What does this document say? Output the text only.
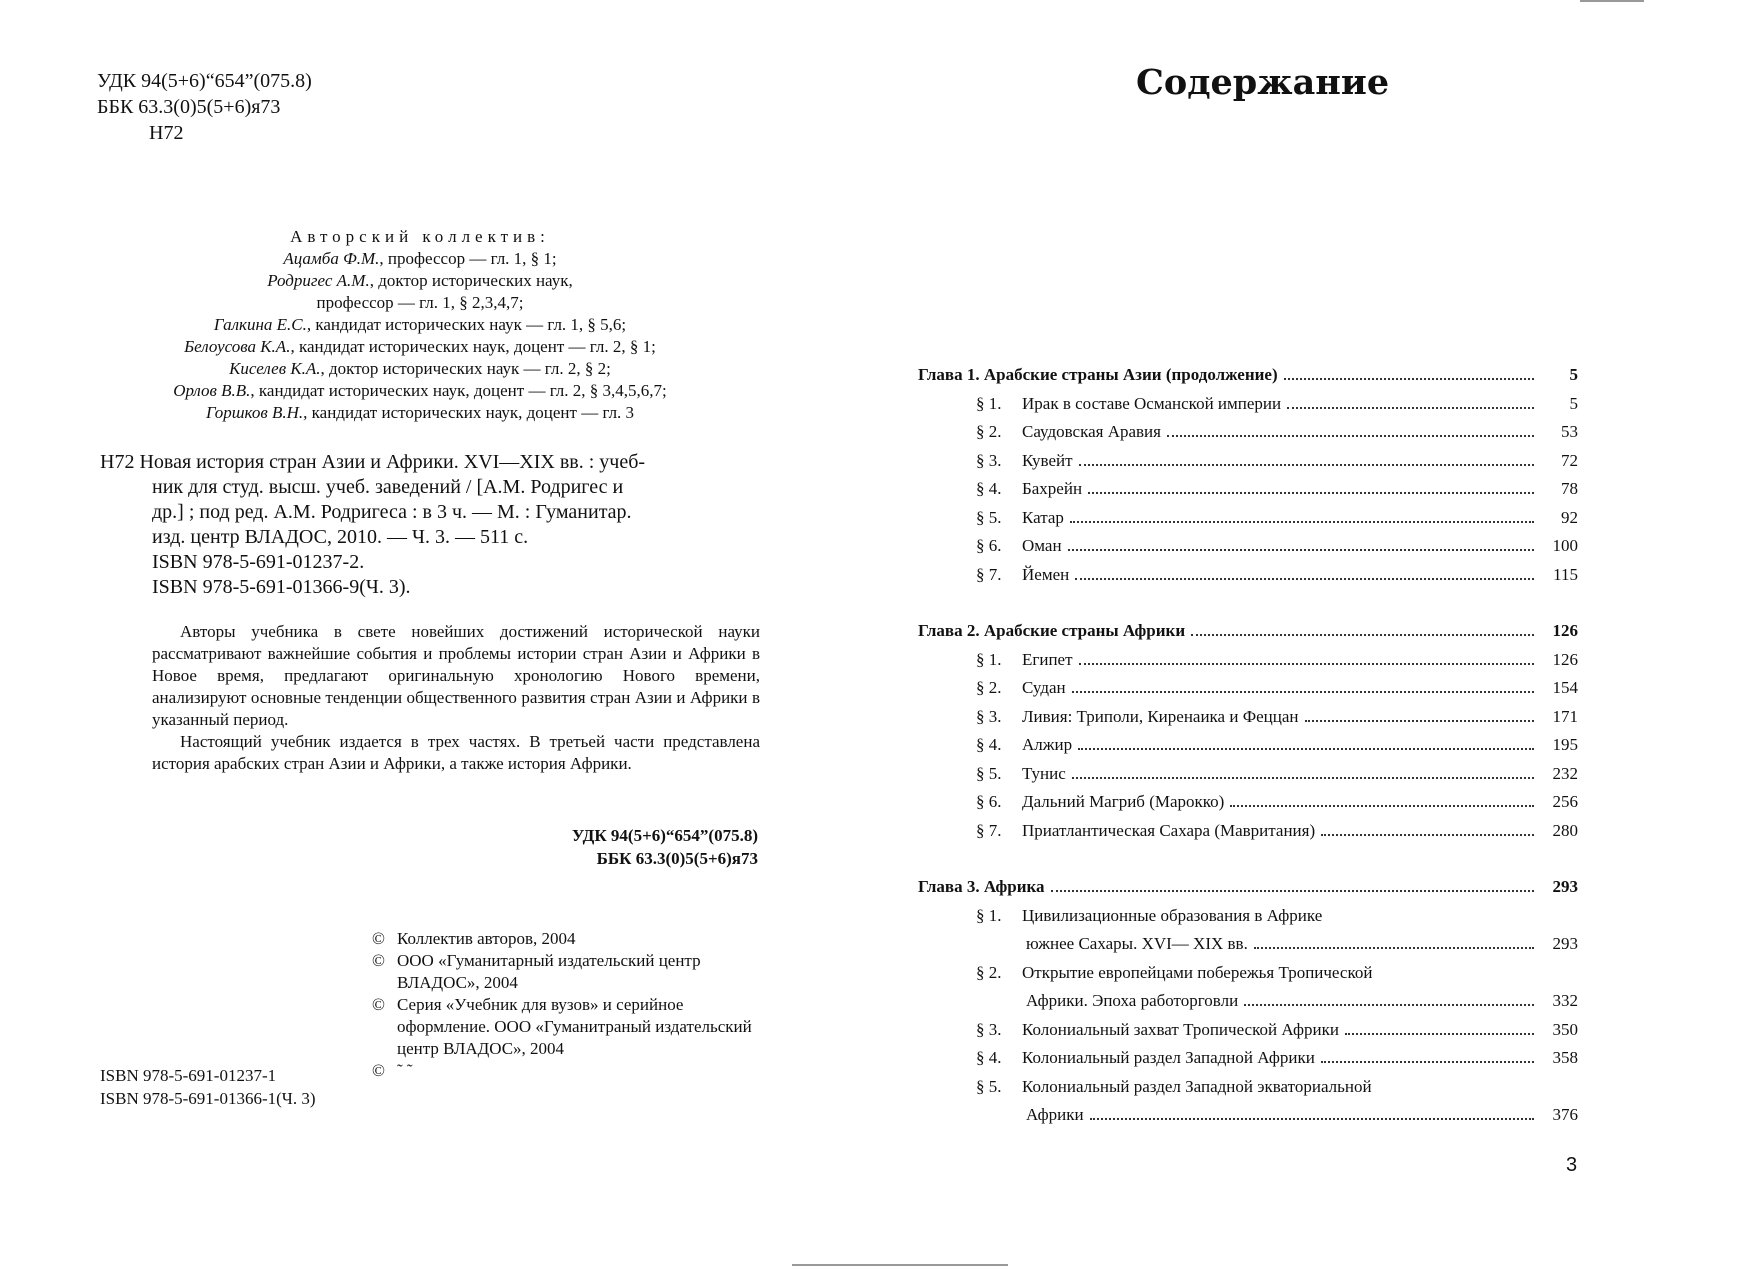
УДК 94(5+6)“654”(075.8)
ББК 63.3(0)5(5+6)я73
Н72
Авторский коллектив:
Ацамба Ф.М., профессор — гл. 1, § 1;
Родригес А.М., доктор исторических наук,
профессор — гл. 1, § 2,3,4,7;
Галкина Е.С., кандидат исторических наук — гл. 1, § 5,6;
Белоусова К.А., кандидат исторических наук, доцент — гл. 2, § 1;
Киселев К.А., доктор исторических наук — гл. 2, § 2;
Орлов В.В., кандидат исторических наук, доцент — гл. 2, § 3,4,5,6,7;
Горшков В.Н., кандидат исторических наук, доцент — гл. 3
Н72 Новая история стран Азии и Африки. XVI—XIX вв. : учеб-
ник для студ. высш. учеб. заведений / [А.М. Родригес и
др.] ; под ред. А.М. Родригеса : в 3 ч. — М. : Гуманитар.
изд. центр ВЛАДОС, 2010. — Ч. 3. — 511 с.
ISBN 978-5-691-01237-2.
ISBN 978-5-691-01366-9(Ч. 3).

Авторы учебника в свете новейших достижений исторической науки рассматривают важнейшие события и проблемы истории стран Азии и Африки в Новое время, предлагают оригинальную хронологию Нового времени, анализируют основные тенденции общественного развития стран Азии и Африки в указанный период.

Настоящий учебник издается в трех частях. В третьей части представлена история арабских стран Азии и Африки, а также история Африки.

УДК 94(5+6)“654”(075.8)
ББК 63.3(0)5(5+6)я73
© Коллектив авторов, 2004
© ООО «Гуманитарный издательский центр ВЛАДОС», 2004
© Серия «Учебник для вузов» и серийное оформление. ООО «Гуманитраный издательский центр ВЛАДОС», 2004
© ˜ ˜
ISBN 978-5-691-01237-1
ISBN 978-5-691-01366-1(Ч. 3)
Содержание
Глава 1. Арабские страны Азии (продолжение)	5
§ 1.	Ирак в составе Османской империи	5
§ 2.	Саудовская Аравия	53
§ 3.	Кувейт	72
§ 4.	Бахрейн	78
§ 5.	Катар	92
§ 6.	Оман	100
§ 7.	Йемен	115
Глава 2. Арабские страны Африки	126
§ 1.	Египет	126
§ 2.	Судан	154
§ 3.	Ливия: Триполи, Киренаика и Феццан	171
§ 4.	Алжир	195
§ 5.	Тунис	232
§ 6.	Дальний Магриб (Марокко)	256
§ 7.	Приатлантическая Сахара (Мавритания)	280
Глава 3. Африка	293
§ 1.	Цивилизационные образования в Африке
южнее Сахары. XVI— XIX вв.	293
§ 2.	Открытие европейцами побережья Тропической
Африки. Эпоха работорговли	332
§ 3.	Колониальный захват Тропической Африки	350
§ 4.	Колониальный раздел Западной Африки	358
§ 5.	Колониальный раздел Западной экваториальной
Африки	376
3
